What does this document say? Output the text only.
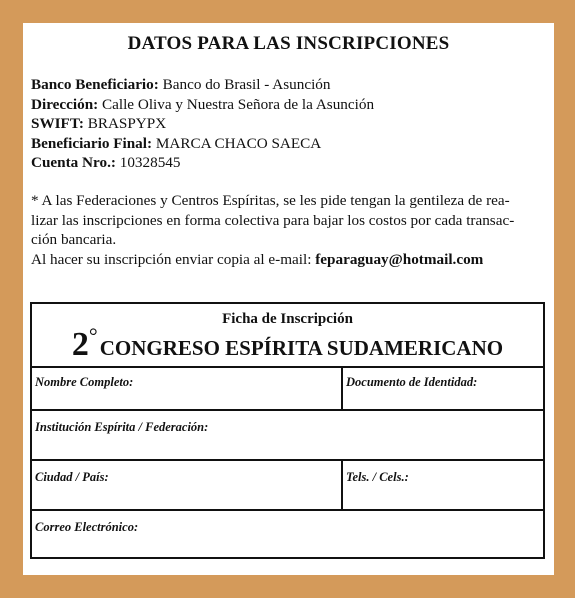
DATOS PARA LAS INSCRIPCIONES
Banco Beneficiario: Banco do Brasil - Asunción
Dirección: Calle Oliva y Nuestra Señora de la Asunción
SWIFT: BRASPYPX
Beneficiario Final: MARCA CHACO SAECA
Cuenta Nro.: 10328545
* A las Federaciones y Centros Espíritas, se les pide tengan la gentileza de rea-
lizar las inscripciones en forma colectiva para bajar los costos por cada transac-
ción bancaria.
Al hacer su inscripción enviar copia al e-mail: feparaguay@hotmail.com
Ficha de Inscripción
2°CONGRESO ESPÍRITA SUDAMERICANO
Nombre Completo:	Documento de Identidad:
Institución Espírita / Federación:
Ciudad / País:	Tels. / Cels.:
Correo Electrónico:
